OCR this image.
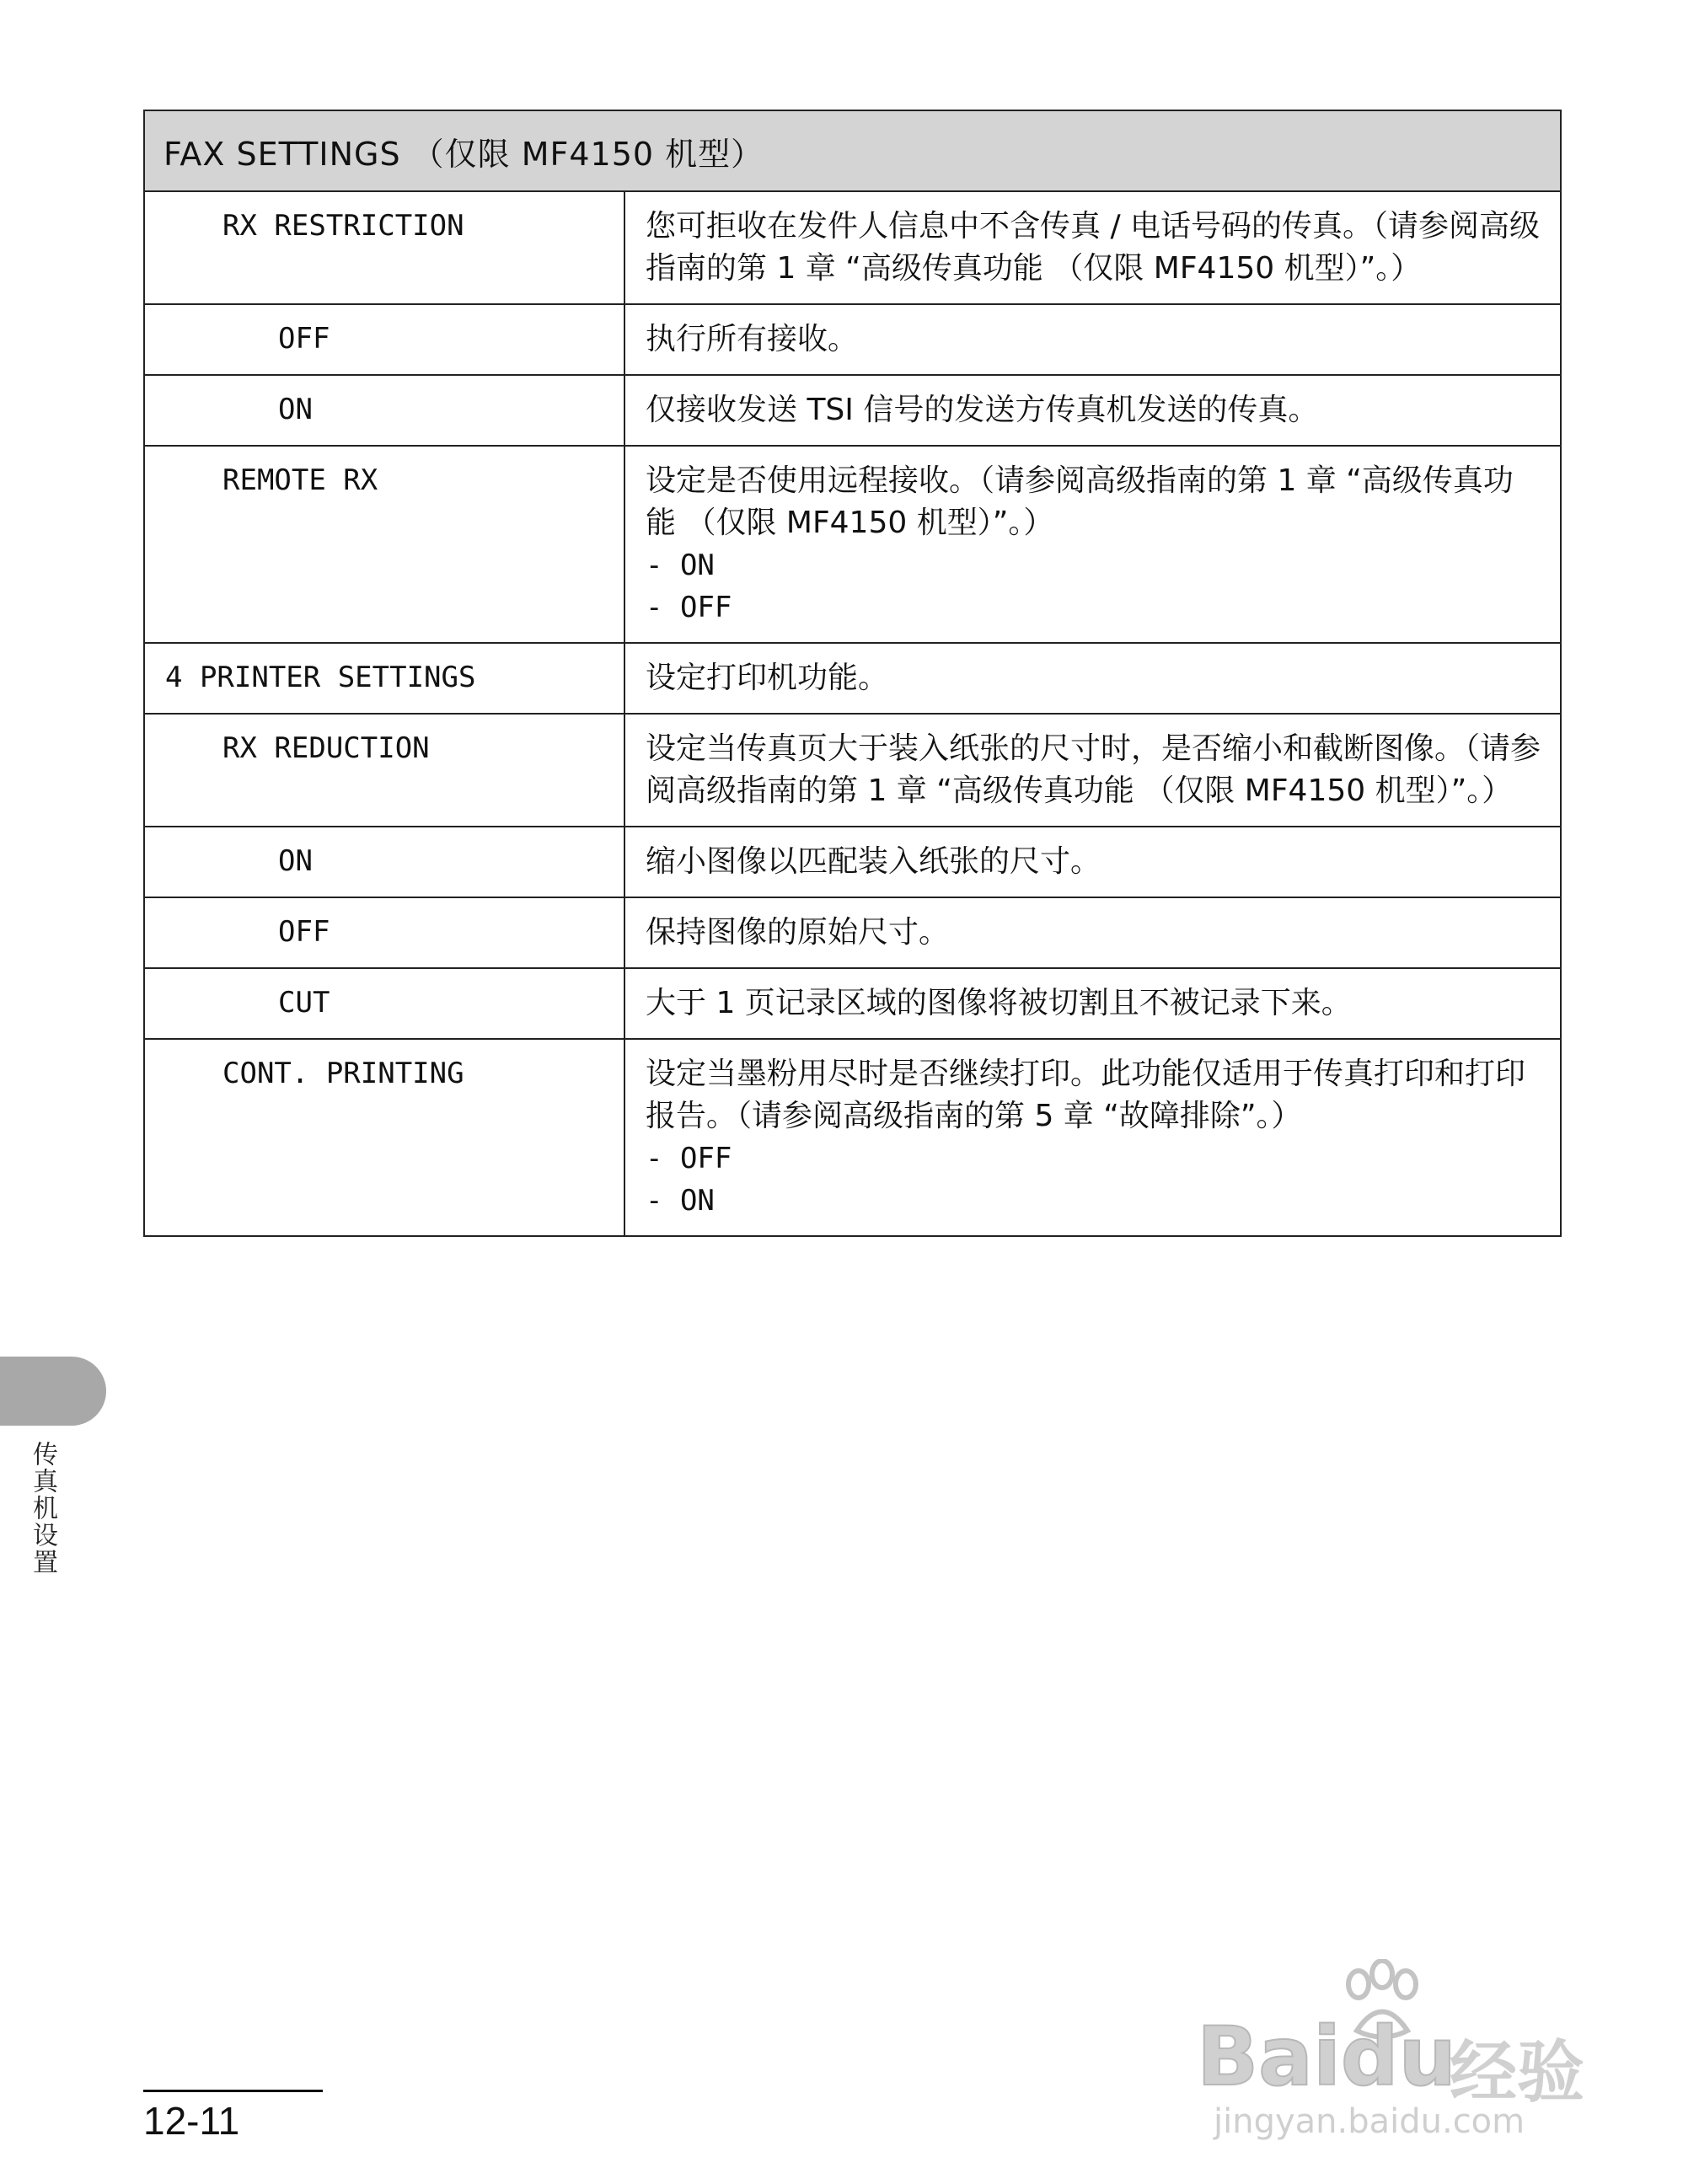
FAX SETTINGS （仅限 MF4150 机型）	
RX RESTRICTION	您可拒收在发件人信息中不含传真 / 电话号码的传真。（请参阅高级指南的第 1 章 “高级传真功能 （仅限 MF4150 机型）”。）
OFF	执行所有接收。
ON	仅接收发送 TSI 信号的发送方传真机发送的传真。
REMOTE RX	设定是否使用远程接收。（请参阅高级指南的第 1 章 “高级传真功能 （仅限 MF4150 机型）”。）
- ON
- OFF

4 PRINTER SETTINGS	设定打印机功能。
RX REDUCTION	设定当传真页大于装入纸张的尺寸时，是否缩小和截断图像。（请参阅高级指南的第 1 章 “高级传真功能 （仅限 MF4150 机型）”。）
ON	缩小图像以匹配装入纸张的尺寸。
OFF	保持图像的原始尺寸。
CUT	大于 1 页记录区域的图像将被切割且不被记录下来。
CONT. PRINTING	设定当墨粉用尽时是否继续打印。此功能仅适用于传真打印和打印报告。（请参阅高级指南的第 5 章 “故障排除”。）
- OFF
- ON
传真机设置
12-11
Baidu
经验
jingyan.baidu.com
